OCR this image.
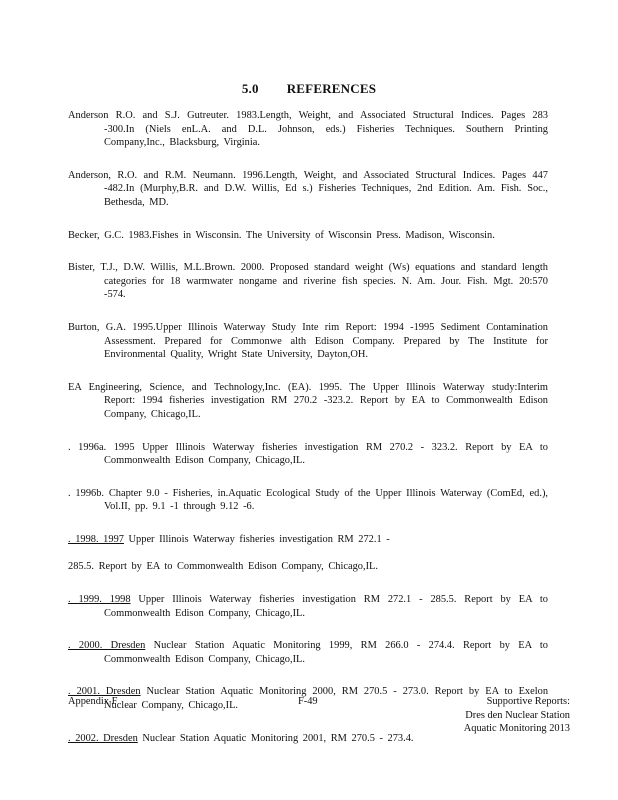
5.0 REFERENCES

Anderson R.O. and S.J. Gutreuter. 1983.Length, Weight, and Associated Structural Indices. Pages 283 -300.In (Niels enL.A. and D.L. Johnson, eds.) Fisheries Techniques. Southern Printing Company,Inc., Blacksburg, Virginia.

Anderson, R.O. and R.M. Neumann. 1996.Length, Weight, and Associated Structural Indices. Pages 447 -482.In (Murphy,B.R. and D.W. Willis, Ed s.) Fisheries Techniques, 2nd Edition. Am. Fish. Soc., Bethesda, MD.

Becker, G.C. 1983.Fishes in Wisconsin. The University of Wisconsin Press. Madison, Wisconsin.

Bister, T.J., D.W. Willis, M.L.Brown. 2000. Proposed standard weight (Ws) equations and standard length categories for 18 warmwater nongame and riverine fish species. N. Am. Jour. Fish. Mgt. 20:570 -574.

Burton, G.A. 1995.Upper Illinois Waterway Study Inte rim Report: 1994 -1995 Sediment Contamination Assessment. Prepared for Commonwe alth Edison Company. Prepared by The Institute for Environmental Quality, Wright State University, Dayton,OH.

EA Engineering, Science, and Technology,Inc. (EA). 1995. The Upper Illinois Waterway study:Interim Report: 1994 fisheries investigation RM 270.2 -323.2. Report by EA to Commonwealth Edison Company, Chicago,IL.

. 1996a. 1995 Upper Illinois Waterway fisheries investigation RM 270.2 - 323.2. Report by EA to Commonwealth Edison Company, Chicago,IL.

. 1996b. Chapter 9.0 - Fisheries, in.Aquatic Ecological Study of the Upper Illinois Waterway (ComEd, ed.), Vol.II, pp. 9.1 -1 through 9.12 -6.

. 1998. 1997 Upper Illinois Waterway fisheries investigation RM 272.1 -

285.5. Report by EA to Commonwealth Edison Company, Chicago,IL.

. 1999. 1998 Upper Illinois Waterway fisheries investigation RM 272.1 - 285.5. Report by EA to Commonwealth Edison Company, Chicago,IL.

. 2000. Dresden Nuclear Station Aquatic Monitoring 1999, RM 266.0 - 274.4. Report by EA to Commonwealth Edison Company, Chicago,IL.

. 2001. Dresden Nuclear Station Aquatic Monitoring 2000, RM 270.5 - 273.0. Report by EA to Exelon Nuclear Company, Chicago,IL.

. 2002. Dresden Nuclear Station Aquatic Monitoring 2001, RM 270.5 - 273.4.

Appendix F	F-49	Supportive Reports:
Dres den Nuclear Station
Aquatic Monitoring 2013
